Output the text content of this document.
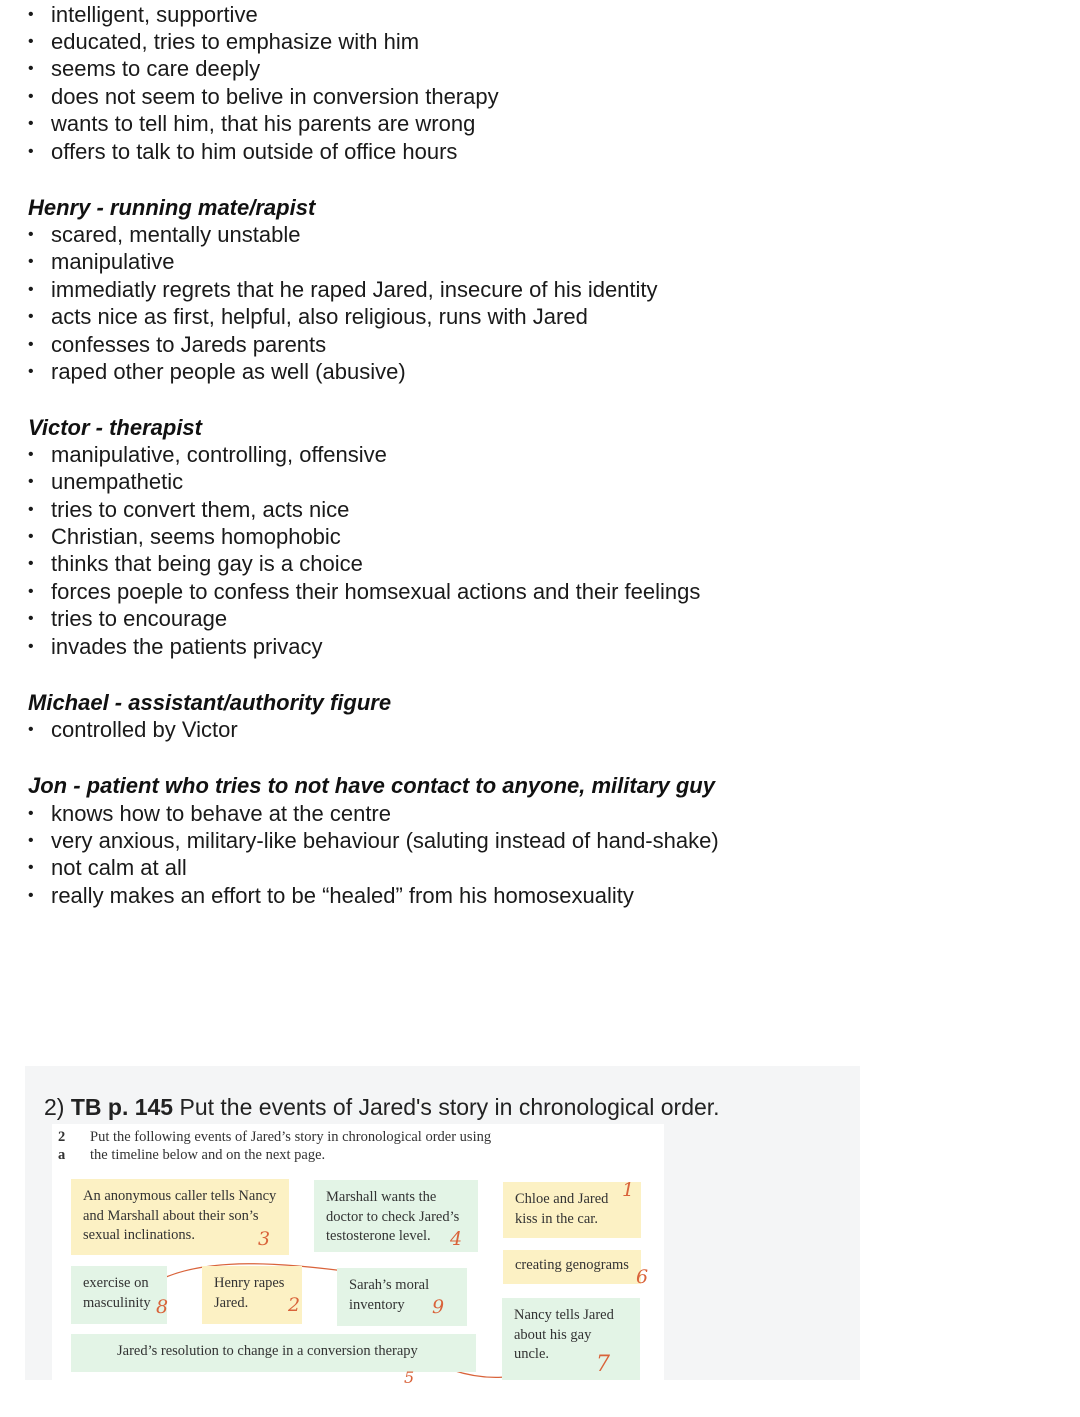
• intelligent, supportive
• educated, tries to emphasize with him
• seems to care deeply
• does not seem to belive in conversion therapy
• wants to tell him, that his parents are wrong
• offers to talk to him outside of office hours
Henry - running mate/rapist
• scared, mentally unstable
• manipulative
• immediatly regrets that he raped Jared, insecure of his identity
• acts nice as first, helpful, also religious, runs with Jared
• confesses to Jareds parents
• raped other people as well (abusive)
Victor - therapist
• manipulative, controlling, offensive
• unempathetic
• tries to convert them, acts nice
• Christian, seems homophobic
• thinks that being gay is a choice
• forces poeple to confess their homsexual actions and their feelings
• tries to encourage
• invades the patients privacy
Michael - assistant/authority figure
• controlled by Victor
Jon - patient who tries to not have contact to anyone, military guy
• knows how to behave at the centre
• very anxious, military-like behaviour (saluting instead of hand-shake)
• not calm at all
• really makes an effort to be “healed” from his homosexuality
2) TB p. 145 Put the events of Jared's story in chronological order.
2 a
Put the following events of Jared’s story in chronological order using the timeline below and on the next page.
An anonymous caller tells Nancy and Marshall about their son’s sexual inclinations.	3
Marshall wants the doctor to check Jared’s testosterone level.	4
Chloe and Jared kiss in the car.
1
creating genograms
6
exercise on masculinity 8
Henry rapes Jared.	2
Sarah’s moral inventory	9
Jared’s resolution to change in a conversion therapy
5
Nancy tells Jared about his gay uncle.	7
